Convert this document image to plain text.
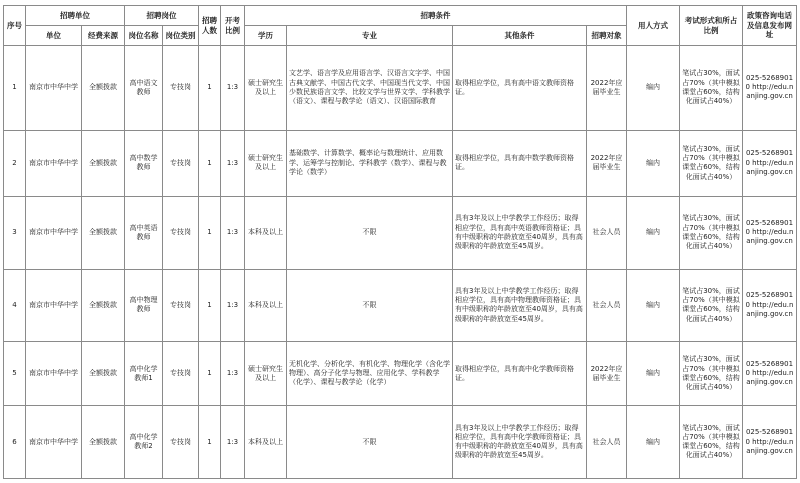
序号	招聘单位		招聘岗位		招聘人数	开考比例	招聘条件				用人方式	考试形式和所占比例	政策咨询电话及信息发布网址
	单位	经费来源	岗位名称	岗位类别			学历	专业	其他条件	招聘对象			
1	南京市中华中学	全额拨款	高中语文教师	专技岗	1	1:3	硕士研究生及以上	文艺学、语言学及应用语言学、汉语言文字学、中国古典文献学、中国古代文学、中国现当代文学、中国少数民族语言文学、比较文学与世界文学、学科教学（语文）、课程与教学论（语文）、汉语国际教育	取得相应学位，具有高中语文教师资格证。	2022年应届毕业生	编内	笔试占30%，面试占70%（其中模拟课堂占60%，结构化面试占40%）	025-52689010 http://edu.nanjing.gov.cn
2	南京市中华中学	全额拨款	高中数学教师	专技岗	1	1:3	硕士研究生及以上	基础数学、计算数学、概率论与数理统计、应用数学、运筹学与控制论、学科教学（数学）、课程与教学论（数学）	取得相应学位，具有高中数学教师资格证。	2022年应届毕业生	编内	笔试占30%，面试占70%（其中模拟课堂占60%，结构化面试占40%）	025-52689010 http://edu.nanjing.gov.cn
3	南京市中华中学	全额拨款	高中英语教师	专技岗	1	1:3	本科及以上	不限	具有3年及以上中学教学工作经历；取得相应学位，具有高中英语教师资格证；具有中级职称的年龄放宽至40周岁，具有高级职称的年龄放宽至45周岁。	社会人员	编内	笔试占30%，面试占70%（其中模拟课堂占60%，结构化面试占40%）	025-52689010 http://edu.nanjing.gov.cn
4	南京市中华中学	全额拨款	高中物理教师	专技岗	1	1:3	本科及以上	不限	具有3年及以上中学教学工作经历；取得相应学位，具有高中物理教师资格证；具有中级职称的年龄放宽至40周岁，具有高级职称的年龄放宽至45周岁。	社会人员	编内	笔试占30%，面试占70%（其中模拟课堂占60%，结构化面试占40%）	025-52689010 http://edu.nanjing.gov.cn
5	南京市中华中学	全额拨款	高中化学教师1	专技岗	1	1:3	硕士研究生及以上	无机化学、分析化学、有机化学、物理化学（含化学物理）、高分子化学与物理、应用化学、学科教学（化学）、课程与教学论（化学）	取得相应学位，具有高中化学教师资格证。	2022年应届毕业生	编内	笔试占30%，面试占70%（其中模拟课堂占60%，结构化面试占40%）	025-52689010 http://edu.nanjing.gov.cn
6	南京市中华中学	全额拨款	高中化学教师2	专技岗	1	1:3	本科及以上	不限	具有3年及以上中学教学工作经历；取得相应学位，具有高中化学教师资格证；具有中级职称的年龄放宽至40周岁，具有高级职称的年龄放宽至45周岁。	社会人员	编内	笔试占30%，面试占70%（其中模拟课堂占60%，结构化面试占40%）	025-52689010 http://edu.nanjing.gov.cn
